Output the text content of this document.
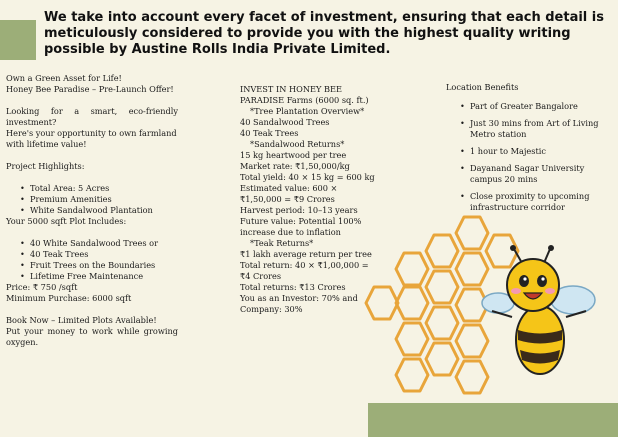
We take into account every facet of investment, ensuring that each detail is meticulously considered to provide you with the highest quality writing possible by Austine Rolls India Private Limited.

Own a Green Asset for Life!

Honey Bee Paradise – Pre-Launch Offer!

Looking for a smart, eco-friendly investment?

Here's your opportunity to own farmland with lifetime value!

Project Highlights:

• Total Area: 5 Acres
• Premium Amenities
• White Sandalwood Plantation

Your 5000 sqft Plot Includes:

• 40 White Sandalwood Trees or
• 40 Teak Trees
• Fruit Trees on the Boundaries
• Lifetime Free Maintenance

Price: ₹ 750 /sqft

Minimum Purchase: 6000 sqft

Book Now – Limited Plots Available!

Put your money to work while growing oxygen.

INVEST IN HONEY BEE PARADISE Farms (6000 sq. ft.)

*Tree Plantation Overview*

40 Sandalwood Trees

40 Teak Trees

*Sandalwood Returns*

15 kg heartwood per tree

Market rate: ₹1,50,000/kg

Total yield: 40 × 15 kg = 600 kg

Estimated value: 600 × ₹1,50,000 = ₹9 Crores

Harvest period: 10–13 years

Future value: Potential 100% increase due to inflation

*Teak Returns*

₹1 lakh average return per tree

Total return: 40 × ₹1,00,000 = ₹4 Crores

Total returns: ₹13 Crores

You as an Investor: 70% and Company: 30%

Location Benefits

• Part of Greater Bangalore
• Just 30 mins from Art of Living Metro station
• 1 hour to Majestic
• Dayanand Sagar University campus 20 mins
• Close proximity to upcoming infrastructure corridor
